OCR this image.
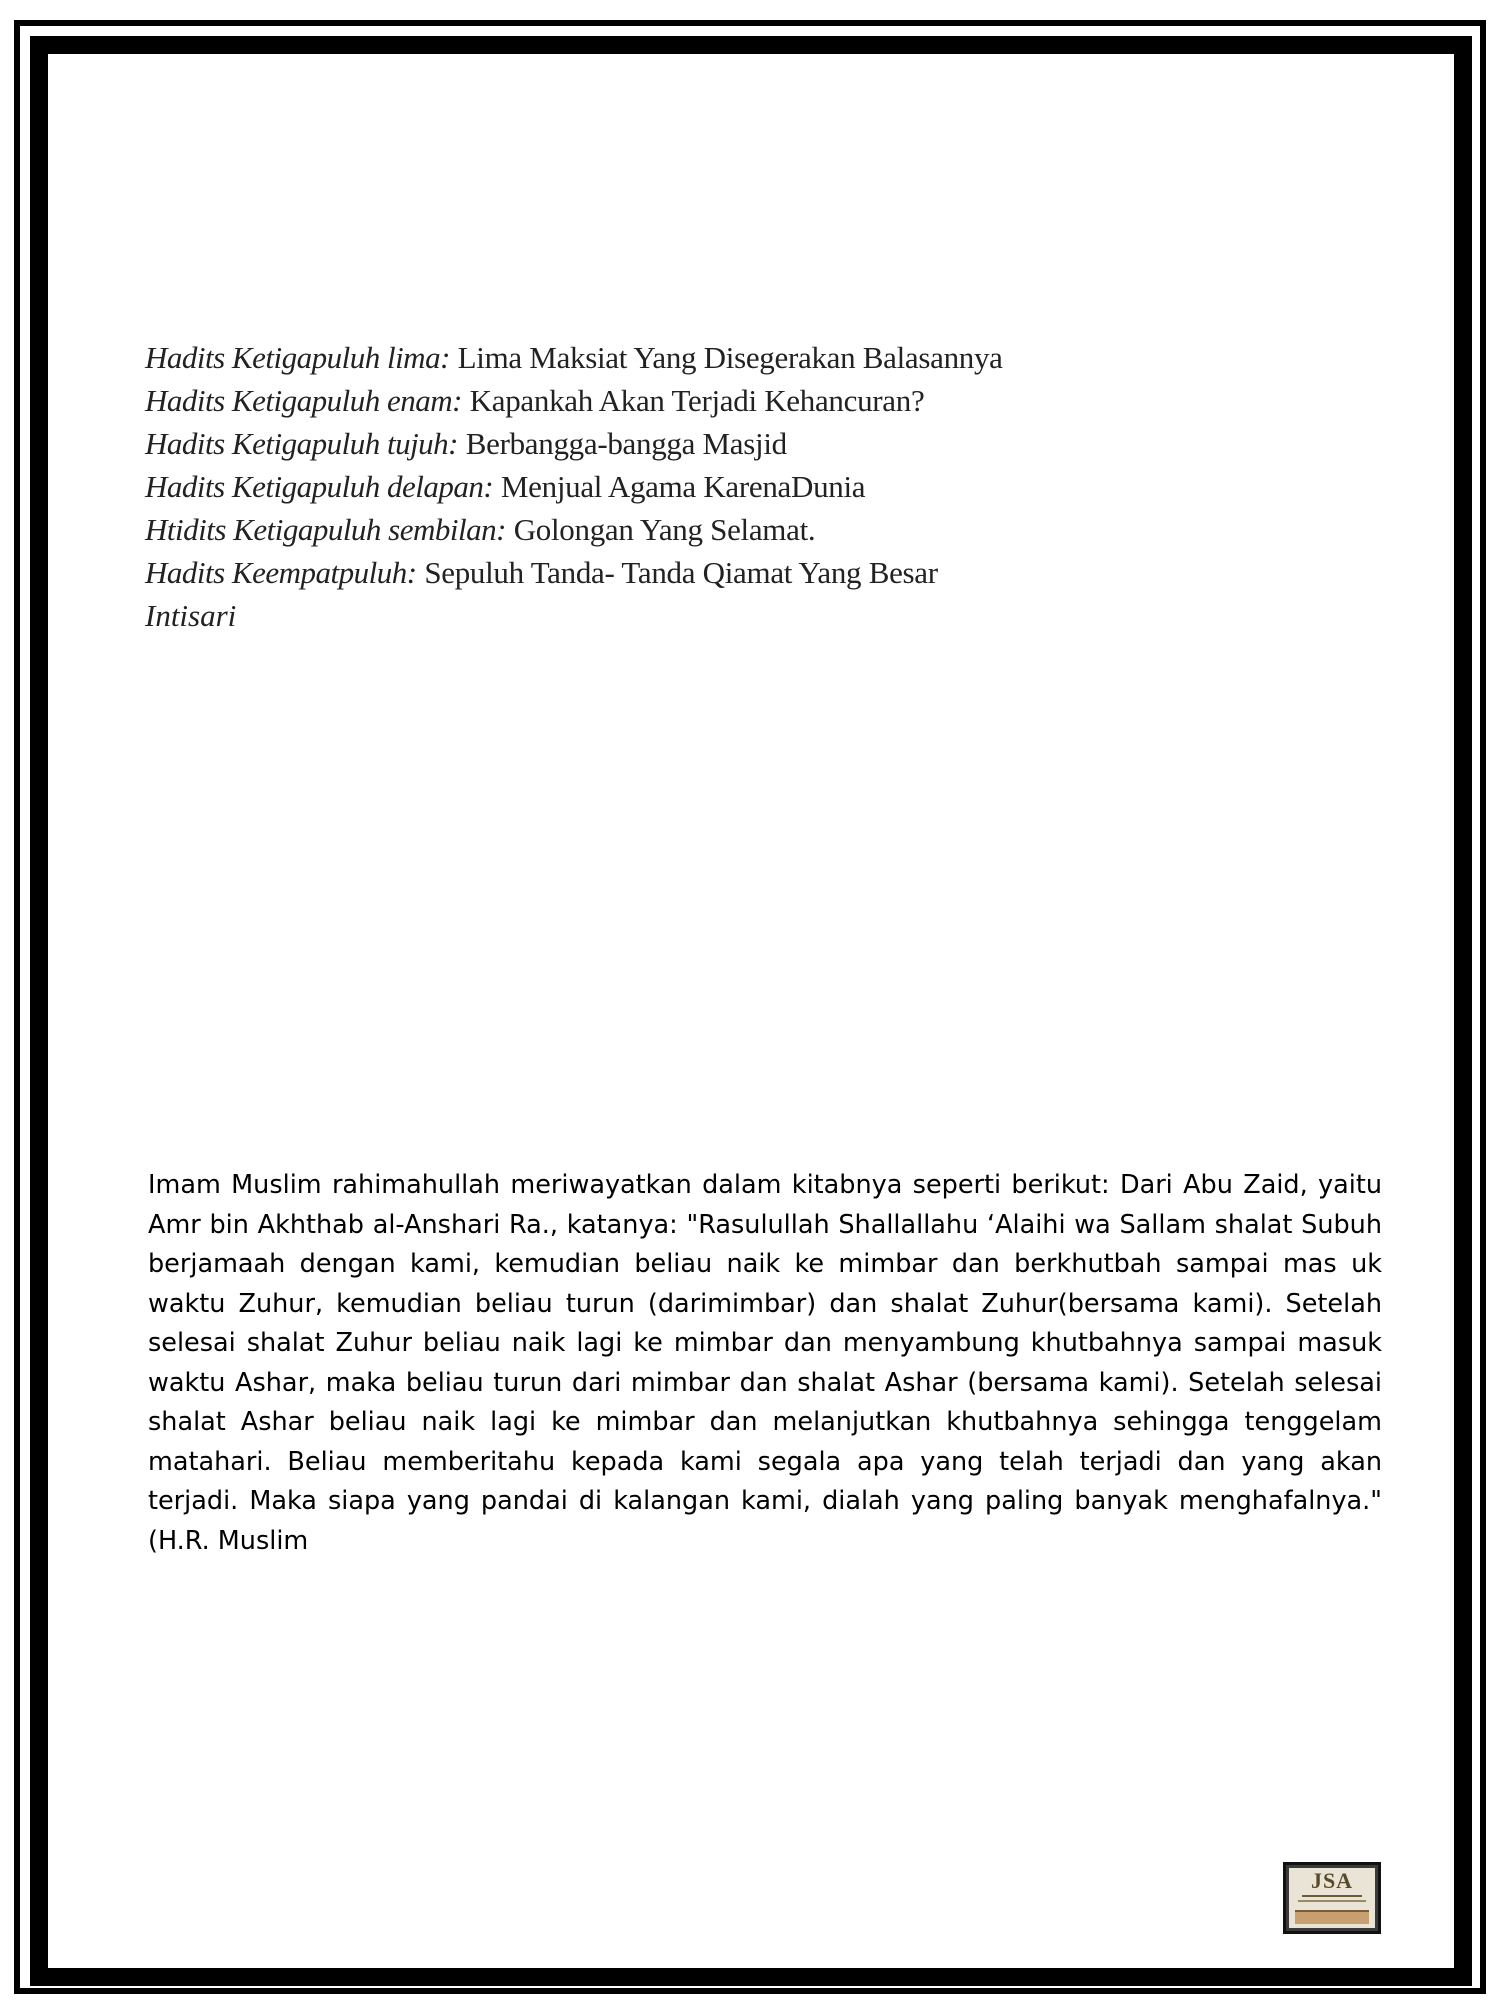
Hadits Ketigapuluh lima: Lima Maksiat Yang Disegerakan Balasannya

Hadits Ketigapuluh enam: Kapankah Akan Terjadi Kehancuran?

Hadits Ketigapuluh tujuh: Berbangga-bangga Masjid

Hadits Ketigapuluh delapan: Menjual Agama KarenaDunia

Htidits Ketigapuluh sembilan: Golongan Yang Selamat.

Hadits Keempatpuluh: Sepuluh Tanda- Tanda Qiamat Yang Besar

Intisari

Imam Muslim rahimahullah meriwayatkan dalam kitabnya seperti berikut: Dari Abu Zaid, yaitu Amr bin Akhthab al-Anshari Ra., katanya: "Rasulullah Shallallahu ‘Alaihi wa Sallam shalat Subuh berjamaah dengan kami, kemudian beliau naik ke mimbar dan berkhutbah sampai mas uk waktu Zuhur, kemudian beliau turun (darimimbar) dan shalat Zuhur(bersama kami). Setelah selesai shalat Zuhur beliau naik lagi ke mimbar dan menyambung khutbahnya sampai masuk waktu Ashar, maka beliau turun dari mimbar dan shalat Ashar (bersama kami). Setelah selesai shalat Ashar beliau naik lagi ke mimbar dan melanjutkan khutbahnya sehingga tenggelam matahari. Beliau memberitahu kepada kami segala apa yang telah terjadi dan yang akan terjadi. Maka siapa yang pandai di kalangan kami, dialah yang paling banyak menghafalnya." (H.R. Muslim

JSA
